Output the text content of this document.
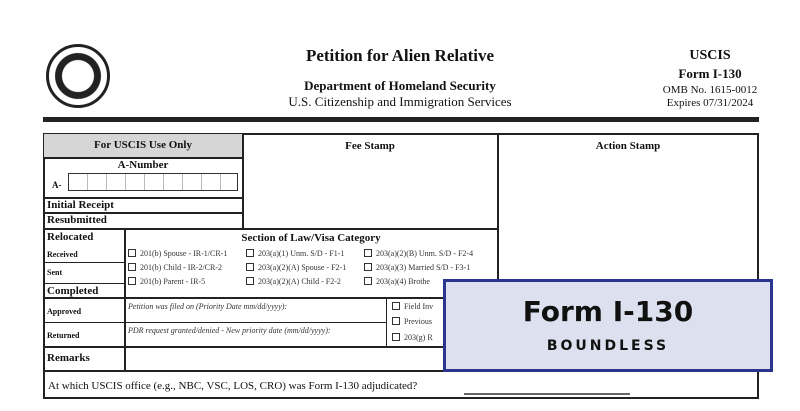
Petition for Alien Relative
Department of Homeland Security
U.S. Citizenship and Immigration Services
USCIS
Form I-130
OMB No. 1615-0012
Expires 07/31/2024
For USCIS Use Only	Fee Stamp	Action Stamp
A-Number
A-
Initial Receipt
Resubmitted
Relocated
Received
Sent
Completed
Approved
Returned
Remarks
Section of Law/Visa Category
201(b) Spouse - IR-1/CR-1	203(a)(1) Unm. S/D - F1-1	203(a)(2)(B) Unm. S/D - F2-4
201(b) Child - IR-2/CR-2	203(a)(2)(A) Spouse - F2-1	203(a)(3) Married S/D - F3-1
201(b) Parent - IR-5	203(a)(2)(A) Child - F2-2	203(a)(4) Brothe
Petition was filed on (Priority Date mm/dd/yyyy):
PDR request granted/denied - New priority date (mm/dd/yyyy):
Field Inv
Previous
203(g) R
At which USCIS office (e.g., NBC, VSC, LOS, CRO) was Form I-130 adjudicated?
Form I-130
BOUNDLESS
